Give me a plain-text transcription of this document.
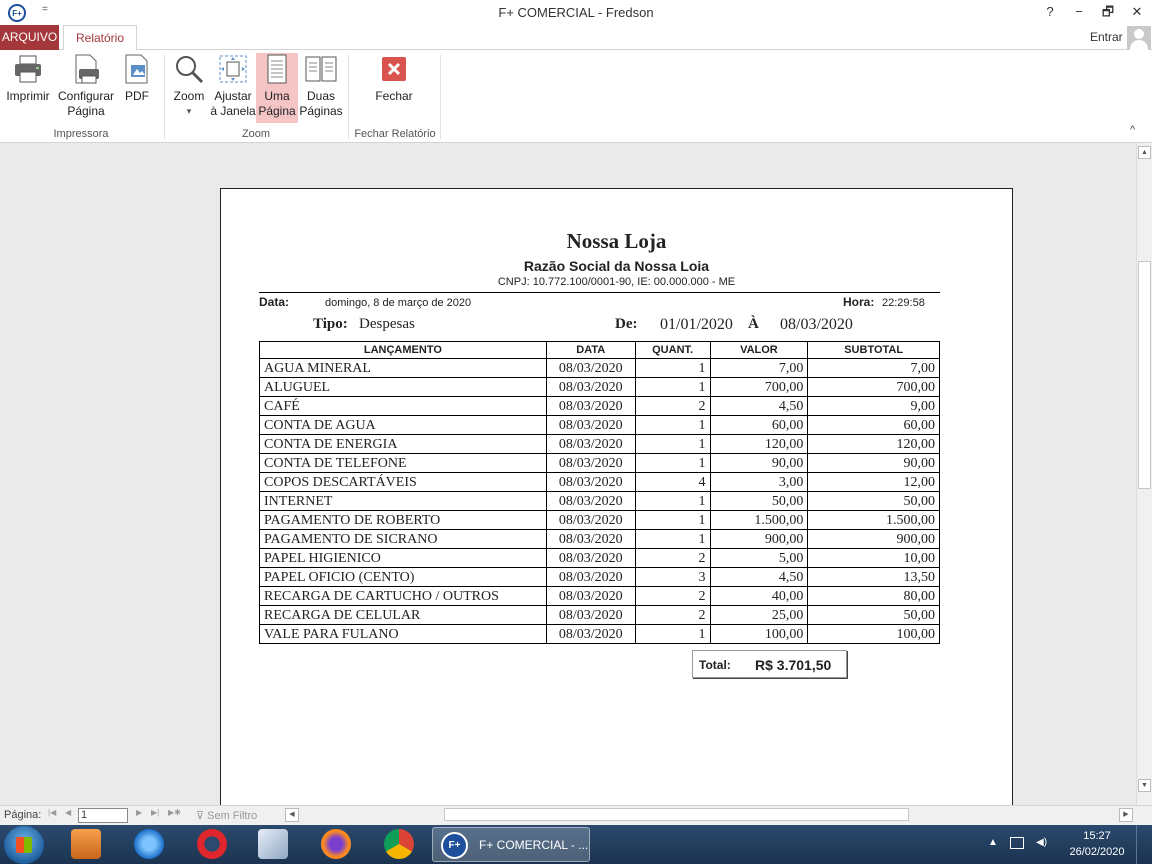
F+	=	F+ COMERCIAL - Fredson	?	−	🗗	✕
ARQUIVO	Relatório	Entrar
Imprimir Configurar
Página
PDF
Impressora
Zoom
▾
Ajustar
à Janela
Uma
Página
Duas
Páginas
Zoom
Fechar
Fechar Relatório	^
Nossa Loja
Razão Social da Nossa Loia
CNPJ: 10.772.100/0001-90, IE: 00.000.000 - ME
Data:	domingo, 8 de março de 2020	Hora: 22:29:58
Tipo: Despesas	De: 01/01/2020 À 08/03/2020
LANÇAMENTO	DATA	QUANT.	VALOR	SUBTOTAL
AGUA MINERAL	08/03/2020	1	7,00	7,00
ALUGUEL	08/03/2020	1	700,00	700,00
CAFÉ	08/03/2020	2	4,50	9,00
CONTA DE AGUA	08/03/2020	1	60,00	60,00
CONTA DE ENERGIA	08/03/2020	1	120,00	120,00
CONTA DE TELEFONE	08/03/2020	1	90,00	90,00
COPOS DESCARTÁVEIS	08/03/2020	4	3,00	12,00
INTERNET	08/03/2020	1	50,00	50,00
PAGAMENTO DE ROBERTO	08/03/2020	1	1.500,00	1.500,00
PAGAMENTO DE SICRANO	08/03/2020	1	900,00	900,00
PAPEL HIGIENICO	08/03/2020	2	5,00	10,00
PAPEL OFICIO (CENTO)	08/03/2020	3	4,50	13,50
RECARGA DE CARTUCHO / OUTROS	08/03/2020	2	40,00	80,00
RECARGA DE CELULAR	08/03/2020	2	25,00	50,00
VALE PARA FULANO	08/03/2020	1	100,00	100,00
Total: R$ 3.701,50
▲
▼
Página: |◀ ◀ 1	▶ ▶| ▶✱ ⊽ Sem Filtro	◀	▶
F+	F+ COMERCIAL - ...	▲	◀)
15:27
26/02/2020
